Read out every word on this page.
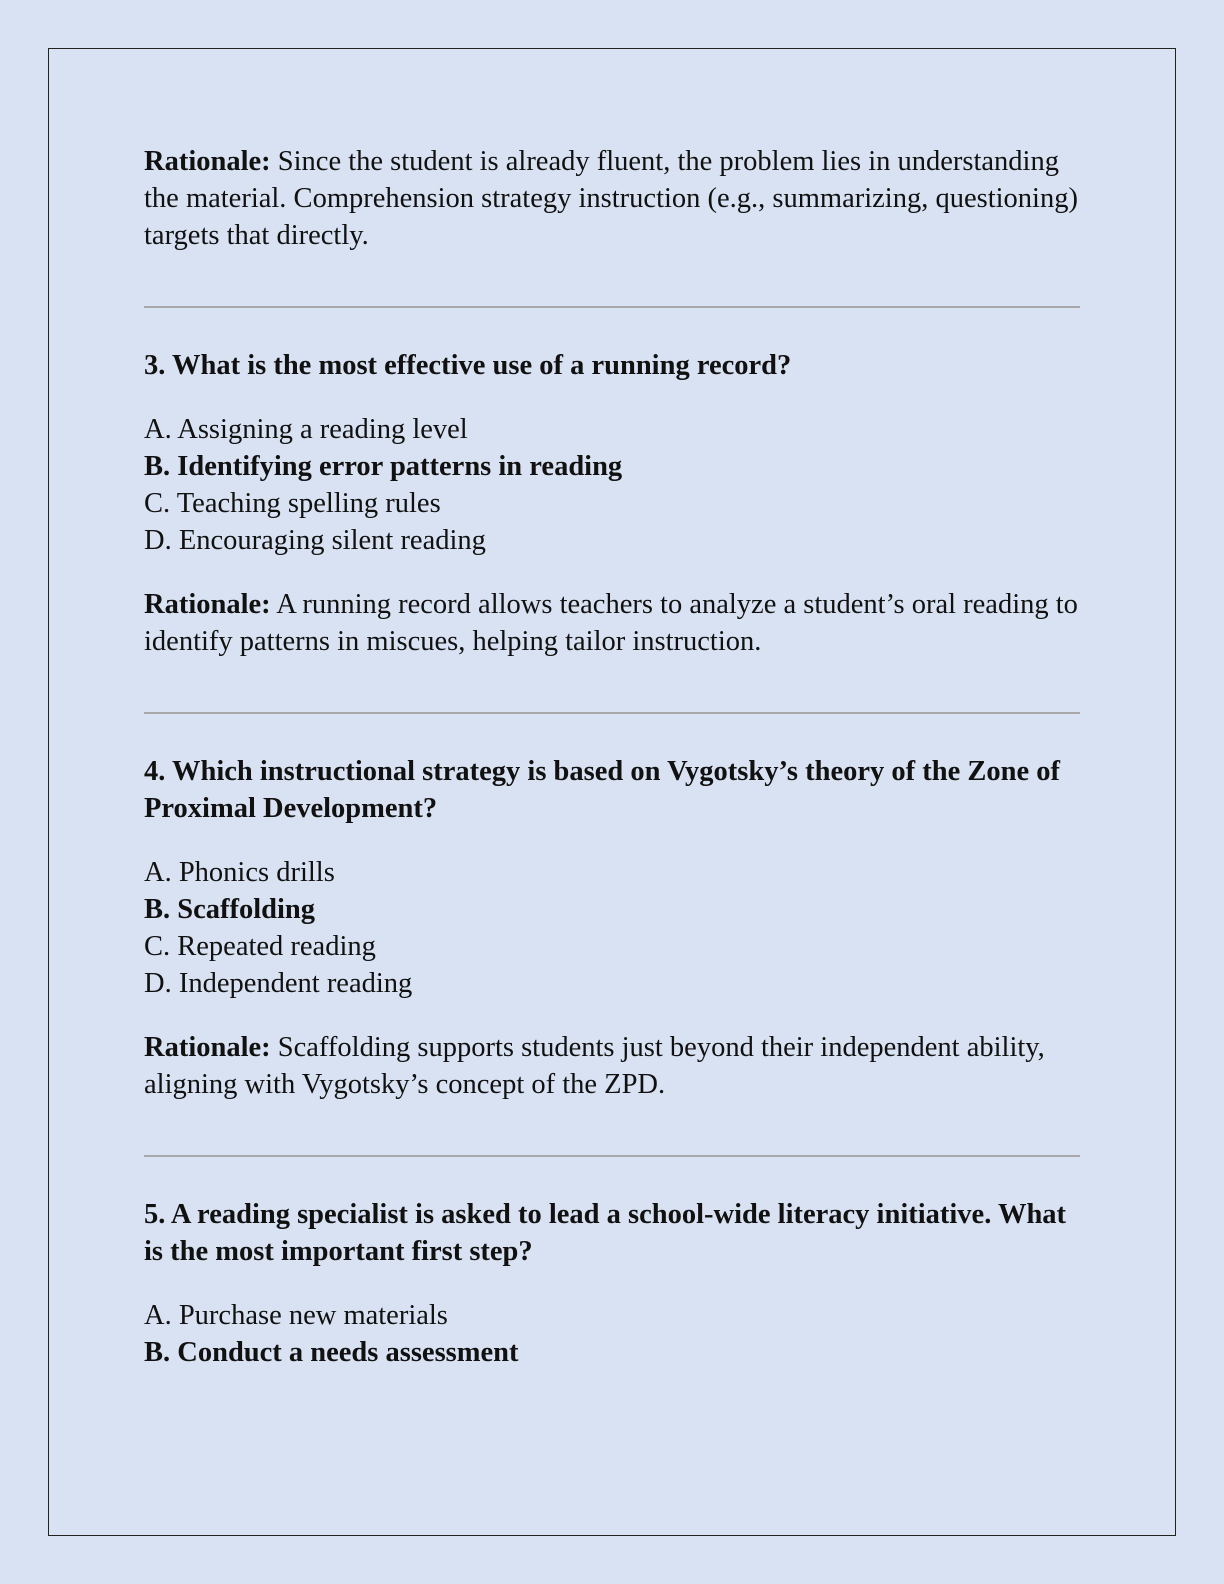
Rationale: Since the student is already fluent, the problem lies in understanding the material. Comprehension strategy instruction (e.g., summarizing, questioning) targets that directly.

3. What is the most effective use of a running record?

A. Assigning a reading level

B. Identifying error patterns in reading

C. Teaching spelling rules

D. Encouraging silent reading

Rationale: A running record allows teachers to analyze a student’s oral reading to identify patterns in miscues, helping tailor instruction.

4. Which instructional strategy is based on Vygotsky’s theory of the Zone of Proximal Development?

A. Phonics drills

B. Scaffolding

C. Repeated reading

D. Independent reading

Rationale: Scaffolding supports students just beyond their independent ability, aligning with Vygotsky’s concept of the ZPD.

5. A reading specialist is asked to lead a school-wide literacy initiative. What is the most important first step?

A. Purchase new materials

B. Conduct a needs assessment
